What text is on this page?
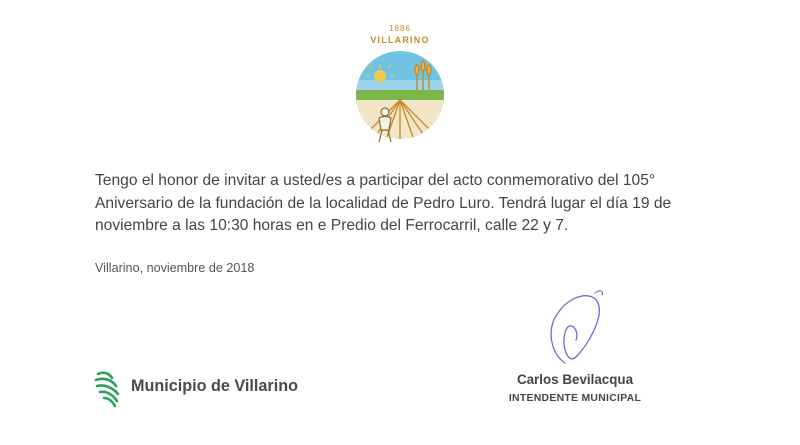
1886
VILLARINO
Tengo el honor de invitar a usted/es a participar del acto conmemorativo del 105° Aniversario de la fundación de la localidad de Pedro Luro. Tendrá lugar el día 19 de noviembre a las 10:30 horas en e Predio del Ferrocarril, calle 22 y 7.
Villarino, noviembre de 2018
Municipio de Villarino	Carlos Bevilacqua
INTENDENTE MUNICIPAL
